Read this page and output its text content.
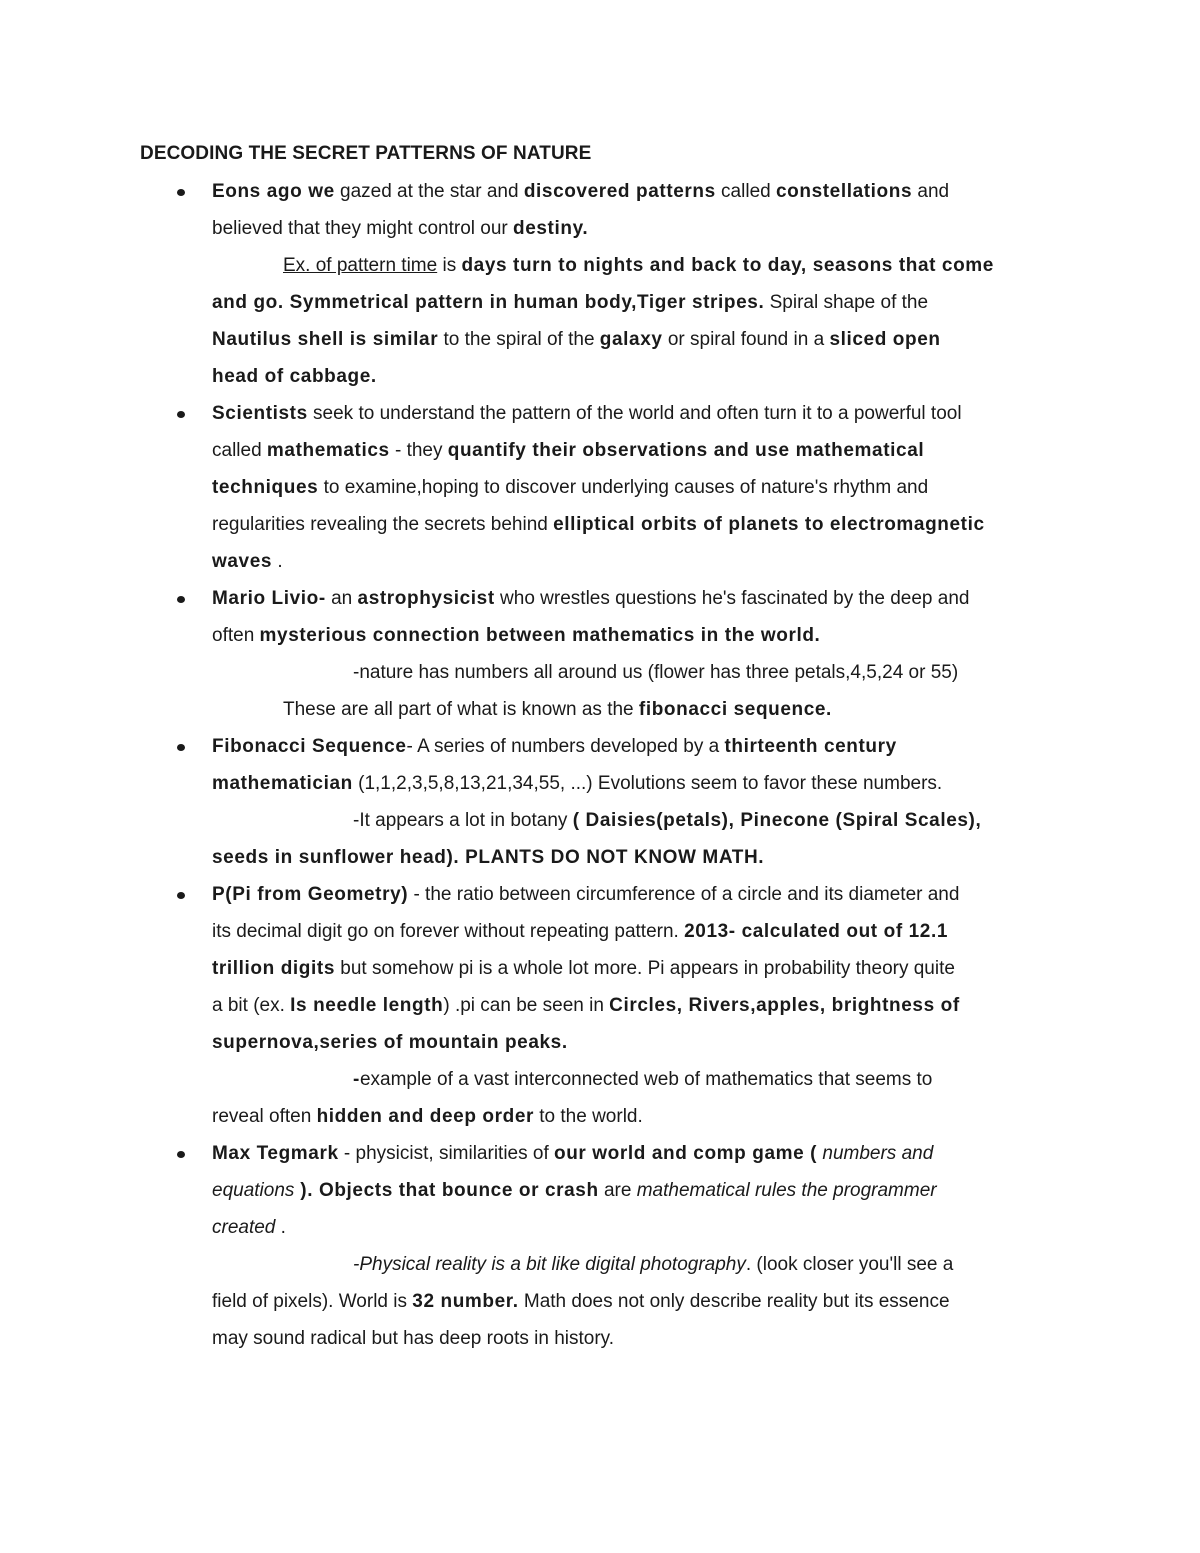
DECODING THE SECRET PATTERNS OF NATURE
Eons ago we gazed at the star and discovered patterns called constellations and
believed that they might control our destiny.
Ex. of pattern time is days turn to nights and back to day, seasons that come
and go. Symmetrical pattern in human body,Tiger stripes. Spiral shape of the
Nautilus shell is similar to the spiral of the galaxy or spiral found in a sliced open
head of cabbage.
Scientists seek to understand the pattern of the world and often turn it to a powerful tool
called mathematics - they quantify their observations and use mathematical
techniques to examine,hoping to discover underlying causes of nature's rhythm and
regularities revealing the secrets behind elliptical orbits of planets to electromagnetic
waves .
Mario Livio- an astrophysicist who wrestles questions he's fascinated by the deep and
often mysterious connection between mathematics in the world.
-nature has numbers all around us (flower has three petals,4,5,24 or 55)
These are all part of what is known as the fibonacci sequence.
Fibonacci Sequence- A series of numbers developed by a thirteenth century
mathematician (1,1,2,3,5,8,13,21,34,55, ...) Evolutions seem to favor these numbers.
-It appears a lot in botany ( Daisies(petals), Pinecone (Spiral Scales),
seeds in sunflower head). PLANTS DO NOT KNOW MATH.
P(Pi from Geometry) - the ratio between circumference of a circle and its diameter and
its decimal digit go on forever without repeating pattern. 2013- calculated out of 12.1
trillion digits but somehow pi is a whole lot more. Pi appears in probability theory quite
a bit (ex. Is needle length) .pi can be seen in Circles, Rivers,apples, brightness of
supernova,series of mountain peaks.
-example of a vast interconnected web of mathematics that seems to
reveal often hidden and deep order to the world.
Max Tegmark - physicist, similarities of our world and comp game ( numbers and
equations ). Objects that bounce or crash are mathematical rules the programmer
created .
-Physical reality is a bit like digital photography. (look closer you'll see a
field of pixels). World is 32 number. Math does not only describe reality but its essence
may sound radical but has deep roots in history.
